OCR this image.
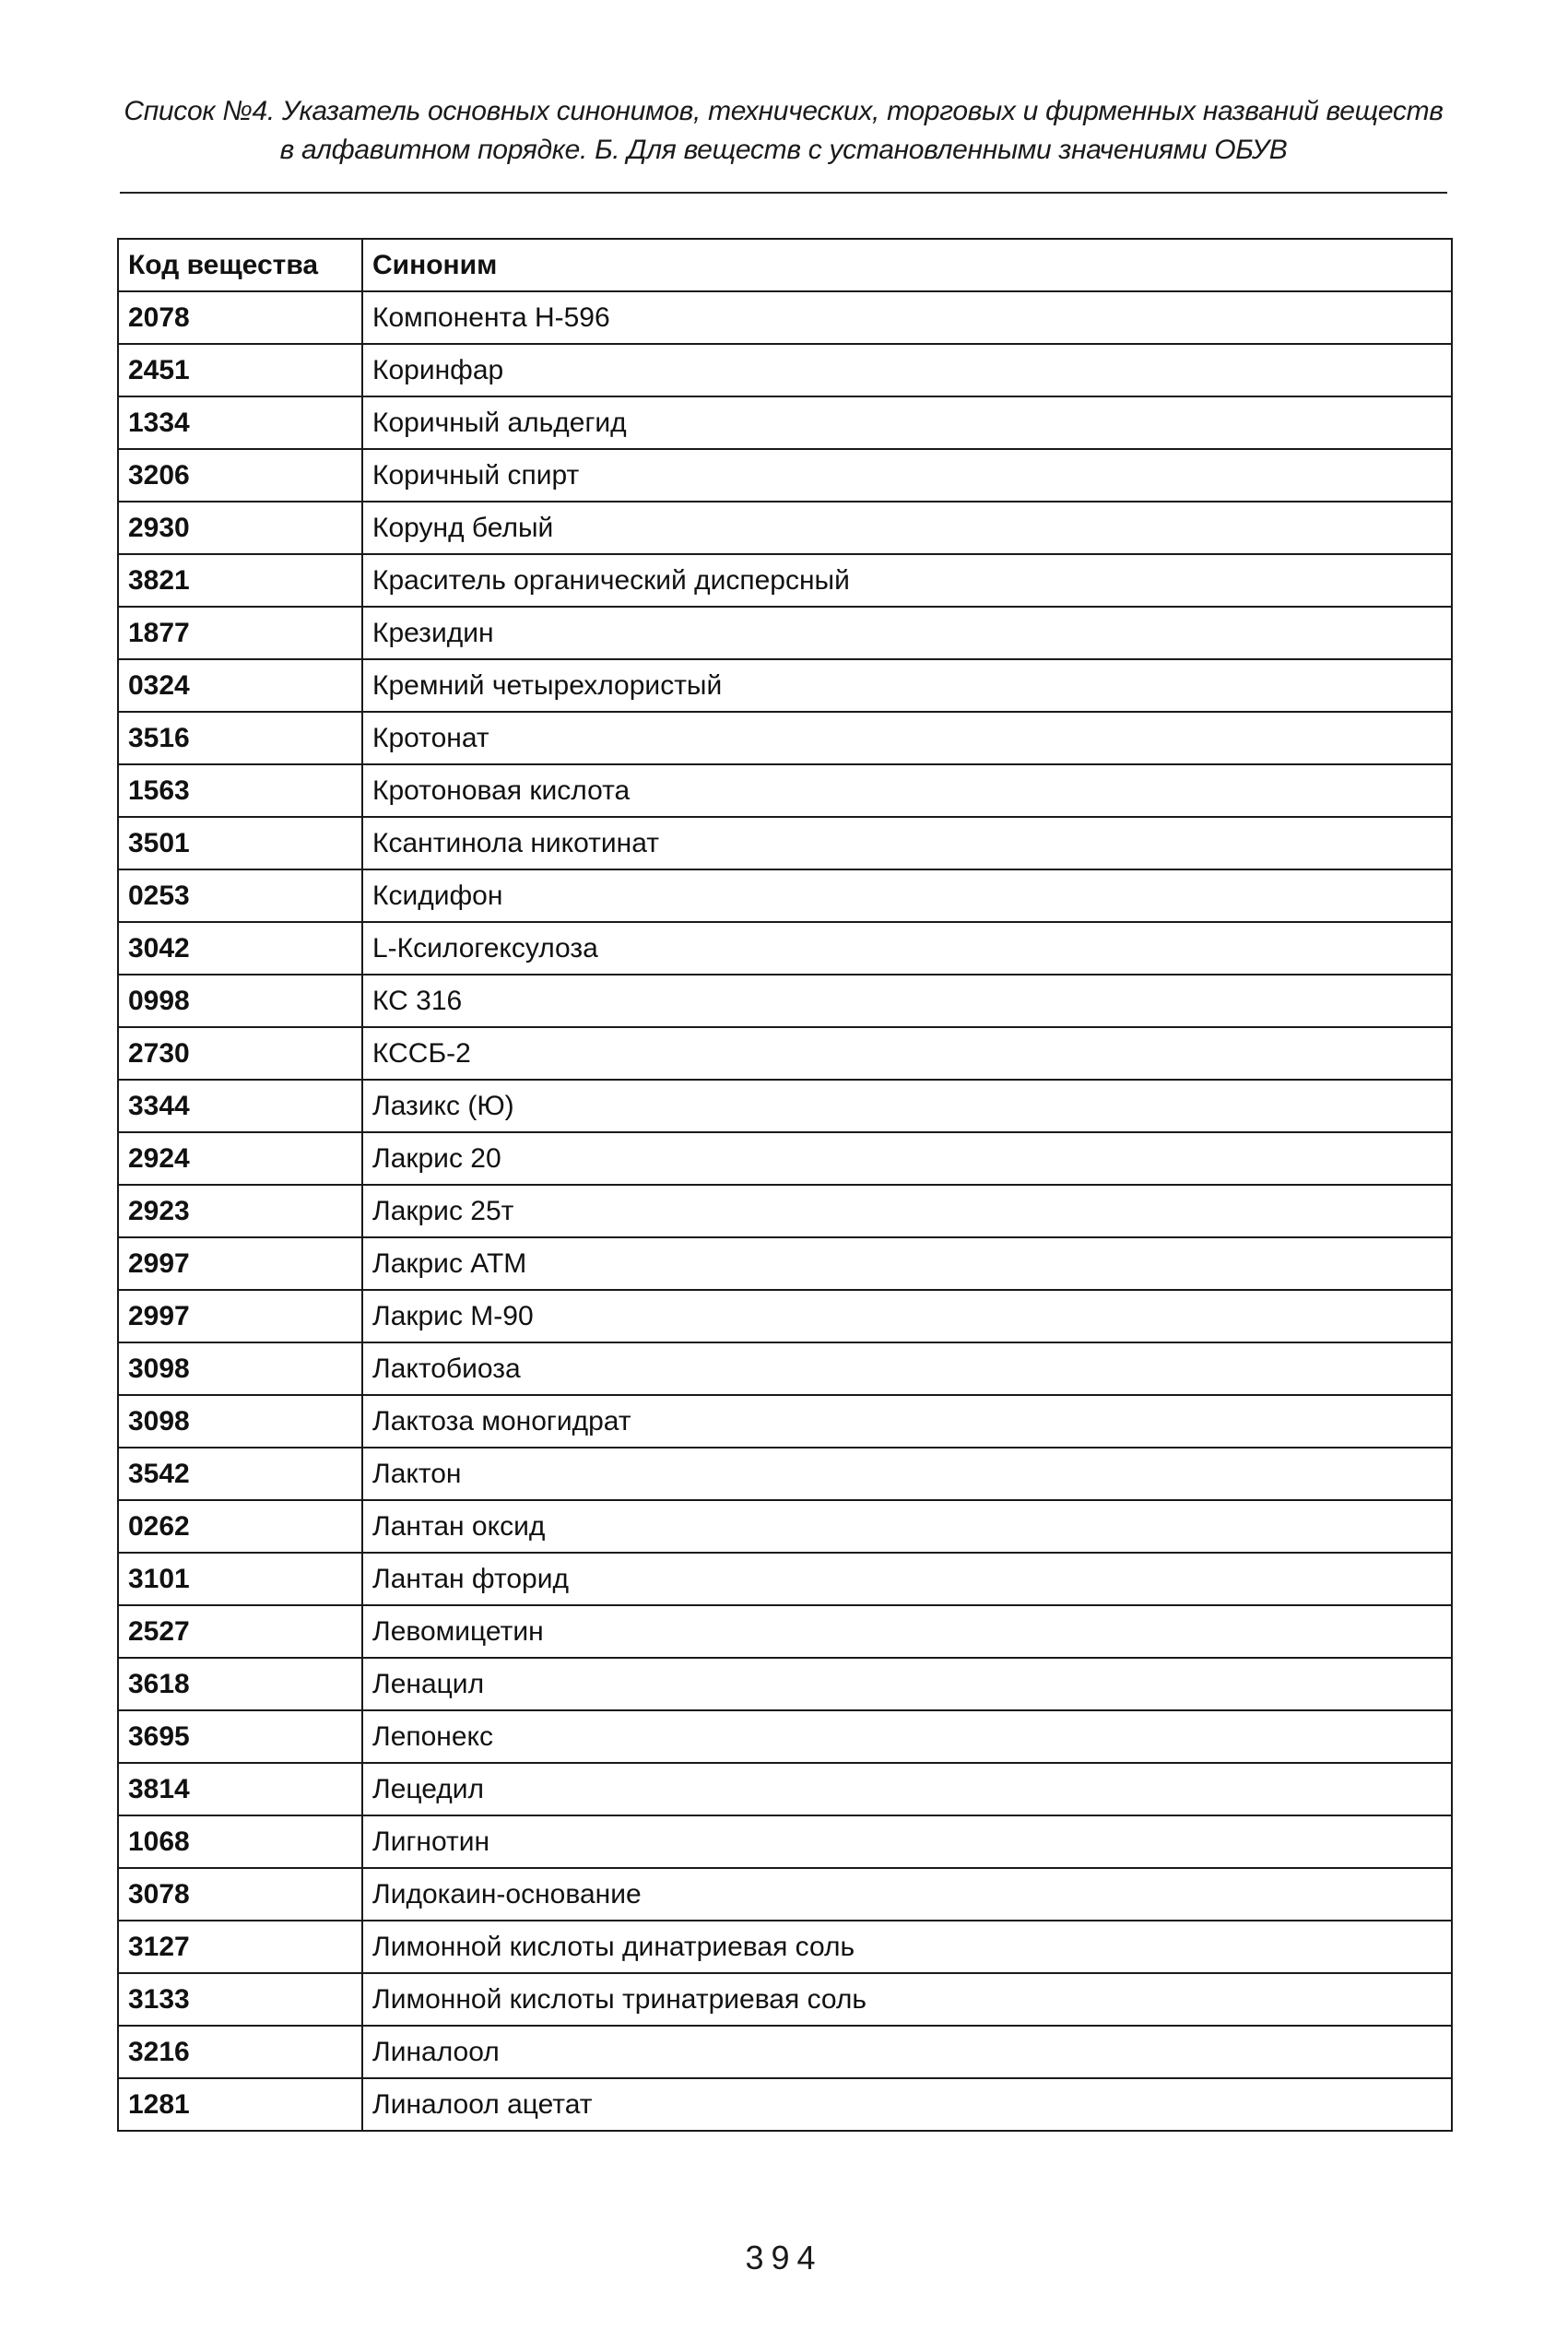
Список №4. Указатель основных синонимов, технических, торговых и фирменных названий веществ
в алфавитном порядке. Б. Для веществ с установленными значениями ОБУВ
Код вещества	Синоним
2078	Компонента Н-596
2451	Коринфар
1334	Коричный альдегид
3206	Коричный спирт
2930	Корунд белый
3821	Краситель органический дисперсный
1877	Крезидин
0324	Кремний четырехлористый
3516	Кротонат
1563	Кротоновая кислота
3501	Ксантинола никотинат
0253	Ксидифон
3042	L-Ксилогексулоза
0998	КС 316
2730	КССБ-2
3344	Лазикс (Ю)
2924	Лакрис 20
2923	Лакрис 25т
2997	Лакрис АТМ
2997	Лакрис М-90
3098	Лактобиоза
3098	Лактоза моногидрат
3542	Лактон
0262	Лантан оксид
3101	Лантан фторид
2527	Левомицетин
3618	Ленацил
3695	Лепонекс
3814	Лецедил
1068	Лигнотин
3078	Лидокаин-основание
3127	Лимонной кислоты динатриевая соль
3133	Лимонной кислоты тринатриевая соль
3216	Линалоол
1281	Линалоол ацетат
394
